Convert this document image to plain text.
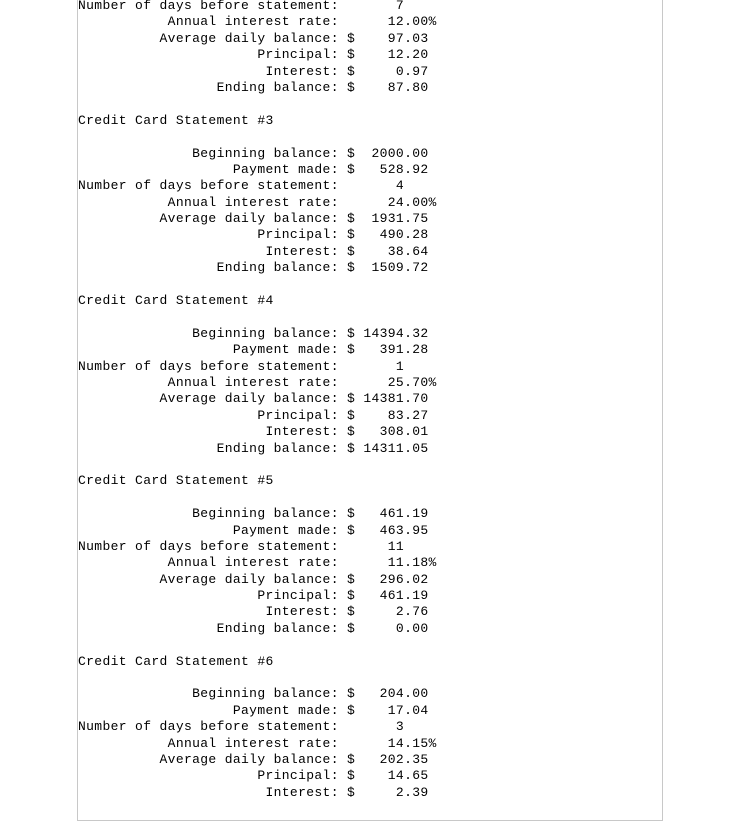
Number of days before statement:       7
Annual interest rate:      12.00%
Average daily balance: $    97.03
Principal: $    12.20
Interest: $     0.97
Ending balance: $    87.80

Credit Card Statement #3

Beginning balance: $  2000.00
Payment made: $   528.92
Number of days before statement:       4
Annual interest rate:      24.00%
Average daily balance: $  1931.75
Principal: $   490.28
Interest: $    38.64
Ending balance: $  1509.72

Credit Card Statement #4

Beginning balance: $ 14394.32
Payment made: $   391.28
Number of days before statement:       1
Annual interest rate:      25.70%
Average daily balance: $ 14381.70
Principal: $    83.27
Interest: $   308.01
Ending balance: $ 14311.05

Credit Card Statement #5

Beginning balance: $   461.19
Payment made: $   463.95
Number of days before statement:      11
Annual interest rate:      11.18%
Average daily balance: $   296.02
Principal: $   461.19
Interest: $     2.76
Ending balance: $     0.00

Credit Card Statement #6

Beginning balance: $   204.00
Payment made: $    17.04
Number of days before statement:       3
Annual interest rate:      14.15%
Average daily balance: $   202.35
Principal: $    14.65
Interest: $     2.39
